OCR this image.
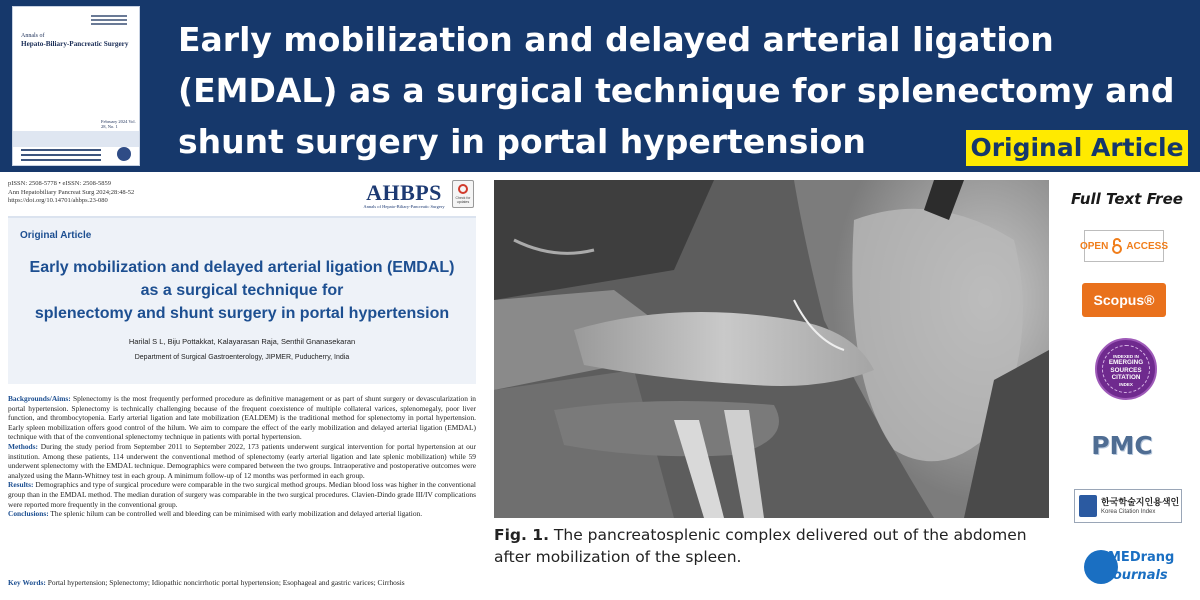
Annals of
Hepato-Biliary-Pancreatic Surgery
February 2024 Vol. 28, No. 1
Early mobilization and delayed arterial ligation (EMDAL) as a surgical technique for splenectomy and shunt surgery in portal hypertension	Original Article
pISSN: 2508-5778 • eISSN: 2508-5859
Ann Hepatobiliary Pancreat Surg 2024;28:48-52
https://doi.org/10.14701/ahbps.23-080	AHBPS
Annals of Hepato-Biliary-Pancreatic Surgery
Check for updates
Original Article
Early mobilization and delayed arterial ligation (EMDAL)
as a surgical technique for
splenectomy and shunt surgery in portal hypertension
Harilal S L, Biju Pottakkat, Kalayarasan Raja, Senthil Gnanasekaran
Department of Surgical Gastroenterology, JIPMER, Puducherry, India

Backgrounds/Aims: Splenectomy is the most frequently performed procedure as definitive management or as part of shunt surgery or devascularization in portal hypertension. Splenectomy is technically challenging because of the frequent coexistence of multiple collateral varices, splenomegaly, poor liver function, and thrombocytopenia. Early arterial ligation and late mobilization (EALDEM) is the traditional method for splenectomy in portal hypertension. Early spleen mobilization offers good control of the hilum. We aim to compare the effect of the early mobilization and delayed arterial ligation (EMDAL) technique with that of the conventional splenectomy technique in patients with portal hypertension.

Methods: During the study period from September 2011 to September 2022, 173 patients underwent surgical intervention for portal hypertension at our institution. Among these patients, 114 underwent the conventional method of splenectomy (early arterial ligation and late splenic mobilization) while 59 underwent splenectomy with the EMDAL technique. Demographics were compared between the two groups. Intraoperative and postoperative outcomes were analyzed using the Mann-Whitney test in each group. A minimum follow-up of 12 months was performed in each group.

Results: Demographics and type of surgical procedure were comparable in the two surgical method groups. Median blood loss was higher in the conventional group than in the EMDAL method. The median duration of surgery was comparable in the two surgical procedures. Clavien-Dindo grade III/IV complications were reported more frequently in the conventional group.

Conclusions: The splenic hilum can be controlled well and bleeding can be minimised with early mobilization and delayed arterial ligation.

Key Words: Portal hypertension; Splenectomy; Idiopathic noncirrhotic portal hypertension; Esophageal and gastric varices; Cirrhosis
Fig. 1. The pancreatosplenic complex delivered out of the abdomen after mobilization of the spleen.
Full Text Free
OPEN ACCESS
Scopus®
INDEXED IN
EMERGING
SOURCES
CITATION
INDEX
PMC
한국학술지인용색인
Korea Citation Index
MEDrang
Journals
